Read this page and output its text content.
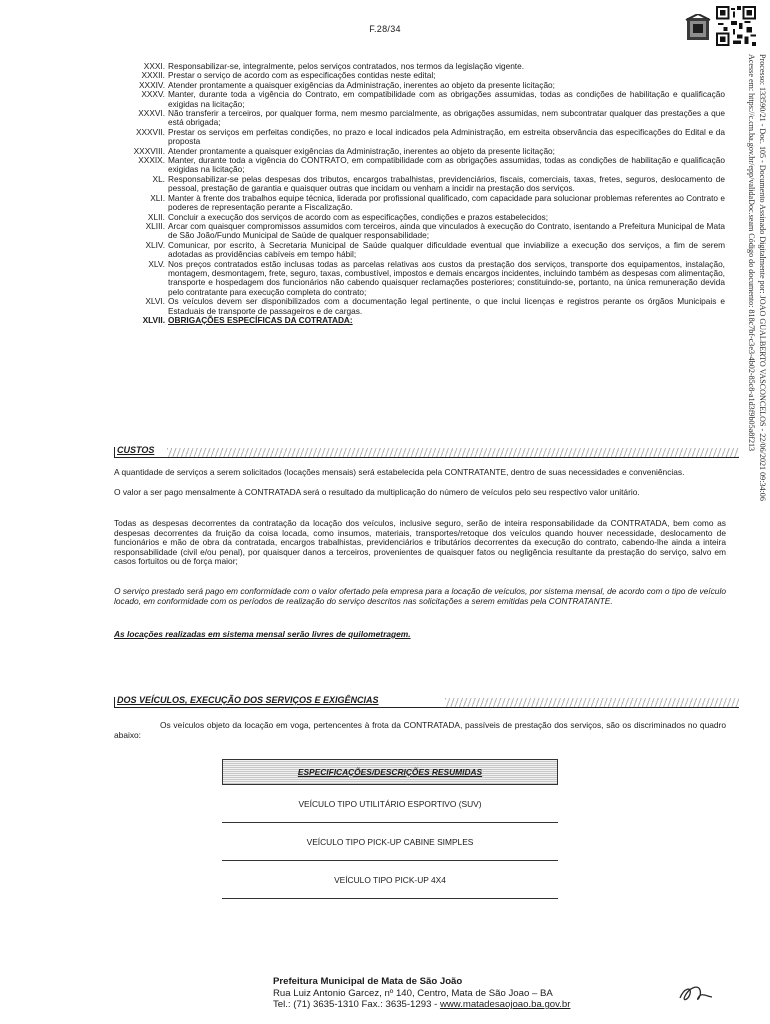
F.28/34
Processo: 133590/21 - Doc. 105 - Documento Assinado Digitalmente por: JOAO GUALBERTO VASCONCELOS - 22/06/2021 09:34:06
Acesse em: https://c.cm.ba.gov.br/epp/validaDoc.seam Código do documento: 818c7bf-c3e3-4b02-85c8-a1d3f9b05a8f213
XXXI. Responsabilizar-se, integralmente, pelos serviços contratados, nos termos da legislação vigente.
XXXII. Prestar o serviço de acordo com as especificações contidas neste edital;
XXXIV. Atender prontamente a quaisquer exigências da Administração, inerentes ao objeto da presente licitação;
XXXV. Manter, durante toda a vigência do Contrato, em compatibilidade com as obrigações assumidas, todas as condições de habilitação e qualificação exigidas na licitação;
XXXVI. Não transferir a terceiros, por qualquer forma, nem mesmo parcialmente, as obrigações assumidas, nem subcontratar qualquer das prestações a que está obrigada;
XXXVII. Prestar os serviços em perfeitas condições, no prazo e local indicados pela Administração, em estreita observância das especificações do Edital e da proposta
XXXVIII. Atender prontamente a quaisquer exigências da Administração, inerentes ao objeto da presente licitação;
XXXIX. Manter, durante toda a vigência do CONTRATO, em compatibilidade com as obrigações assumidas, todas as condições de habilitação e qualificação exigidas na licitação;
XL. Responsabilizar-se pelas despesas dos tributos, encargos trabalhistas, previdenciários, fiscais, comerciais, taxas, fretes, seguros, deslocamento de pessoal, prestação de garantia e quaisquer outras que incidam ou venham a incidir na prestação dos serviços.
XLI. Manter à frente dos trabalhos equipe técnica, liderada por profissional qualificado, com capacidade para solucionar problemas referentes ao Contrato e poderes de representação perante a Fiscalização.
XLII. Concluir a execução dos serviços de acordo com as especificações, condições e prazos estabelecidos;
XLIII. Arcar com quaisquer compromissos assumidos com terceiros, ainda que vinculados à execução do Contrato, isentando a Prefeitura Municipal de Mata de São João/Fundo Municipal de Saúde de qualquer responsabilidade;
XLIV. Comunicar, por escrito, à Secretaria Municipal de Saúde qualquer dificuldade eventual que inviabilize a execução dos serviços, a fim de serem adotadas as providências cabíveis em tempo hábil;
XLV. Nos preços contratados estão inclusas todas as parcelas relativas aos custos da prestação dos serviços, transporte dos equipamentos, instalação, montagem, desmontagem, frete, seguro, taxas, combustível, impostos e demais encargos incidentes, incluindo também as despesas com alimentação, transporte e hospedagem dos funcionários não cabendo quaisquer reclamações posteriores; constituindo-se, portanto, na única remuneração devida pelo contratante para execução completa do contrato;
XLVI. Os veículos devem ser disponibilizados com a documentação legal pertinente, o que inclui licenças e registros perante os órgãos Municipais e Estaduais de transporte de passageiros e de cargas.
XLVII. OBRIGAÇÕES ESPECÍFICAS DA COTRATADA:
CUSTOS
A quantidade de serviços a serem solicitados (locações mensais) será estabelecida pela CONTRATANTE, dentro de suas necessidades e conveniências.
O valor a ser pago mensalmente à CONTRATADA será o resultado da multiplicação do número de veículos pelo seu respectivo valor unitário.
Todas as despesas decorrentes da contratação da locação dos veículos, inclusive seguro, serão de inteira responsabilidade da CONTRATADA, bem como as despesas decorrentes da fruição da coisa locada, como insumos, materiais, transportes/retoque dos veículos quando houver necessidade, deslocamento de funcionários e mão de obra da contratada, encargos trabalhistas, previdenciários e tributários decorrentes da execução do contrato, cabendo-lhe ainda a inteira responsabilidade (civil e/ou penal), por quaisquer danos a terceiros, provenientes de quaisquer fatos ou negligência resultante da prestação do serviço, salvo em casos fortuitos ou de força maior;
O serviço prestado será pago em conformidade com o valor ofertado pela empresa para a locação de veículos, por sistema mensal, de acordo com o tipo de veículo locado, em conformidade com os períodos de realização do serviço descritos nas solicitações a serem emitidas pela CONTRATANTE.
As locações realizadas em sistema mensal serão livres de quilometragem.
DOS VEÍCULOS, EXECUÇÃO DOS SERVIÇOS E EXIGÊNCIAS
Os veículos objeto da locação em voga, pertencentes à frota da CONTRATADA, passíveis de prestação dos serviços, são os discriminados no quadro abaixo:
ESPECIFICAÇÕES/DESCRIÇÕES RESUMIDAS
VEÍCULO TIPO UTILITÁRIO ESPORTIVO (SUV)
VEÍCULO TIPO PICK-UP CABINE SIMPLES
VEÍCULO TIPO PICK-UP 4X4
Prefeitura Municipal de Mata de São João
Rua Luiz Antonio Garcez, nº 140, Centro, Mata de São Joao – BA
Tel.: (71) 3635-1310 Fax.: 3635-1293 - www.matadesaojoao.ba.gov.br
